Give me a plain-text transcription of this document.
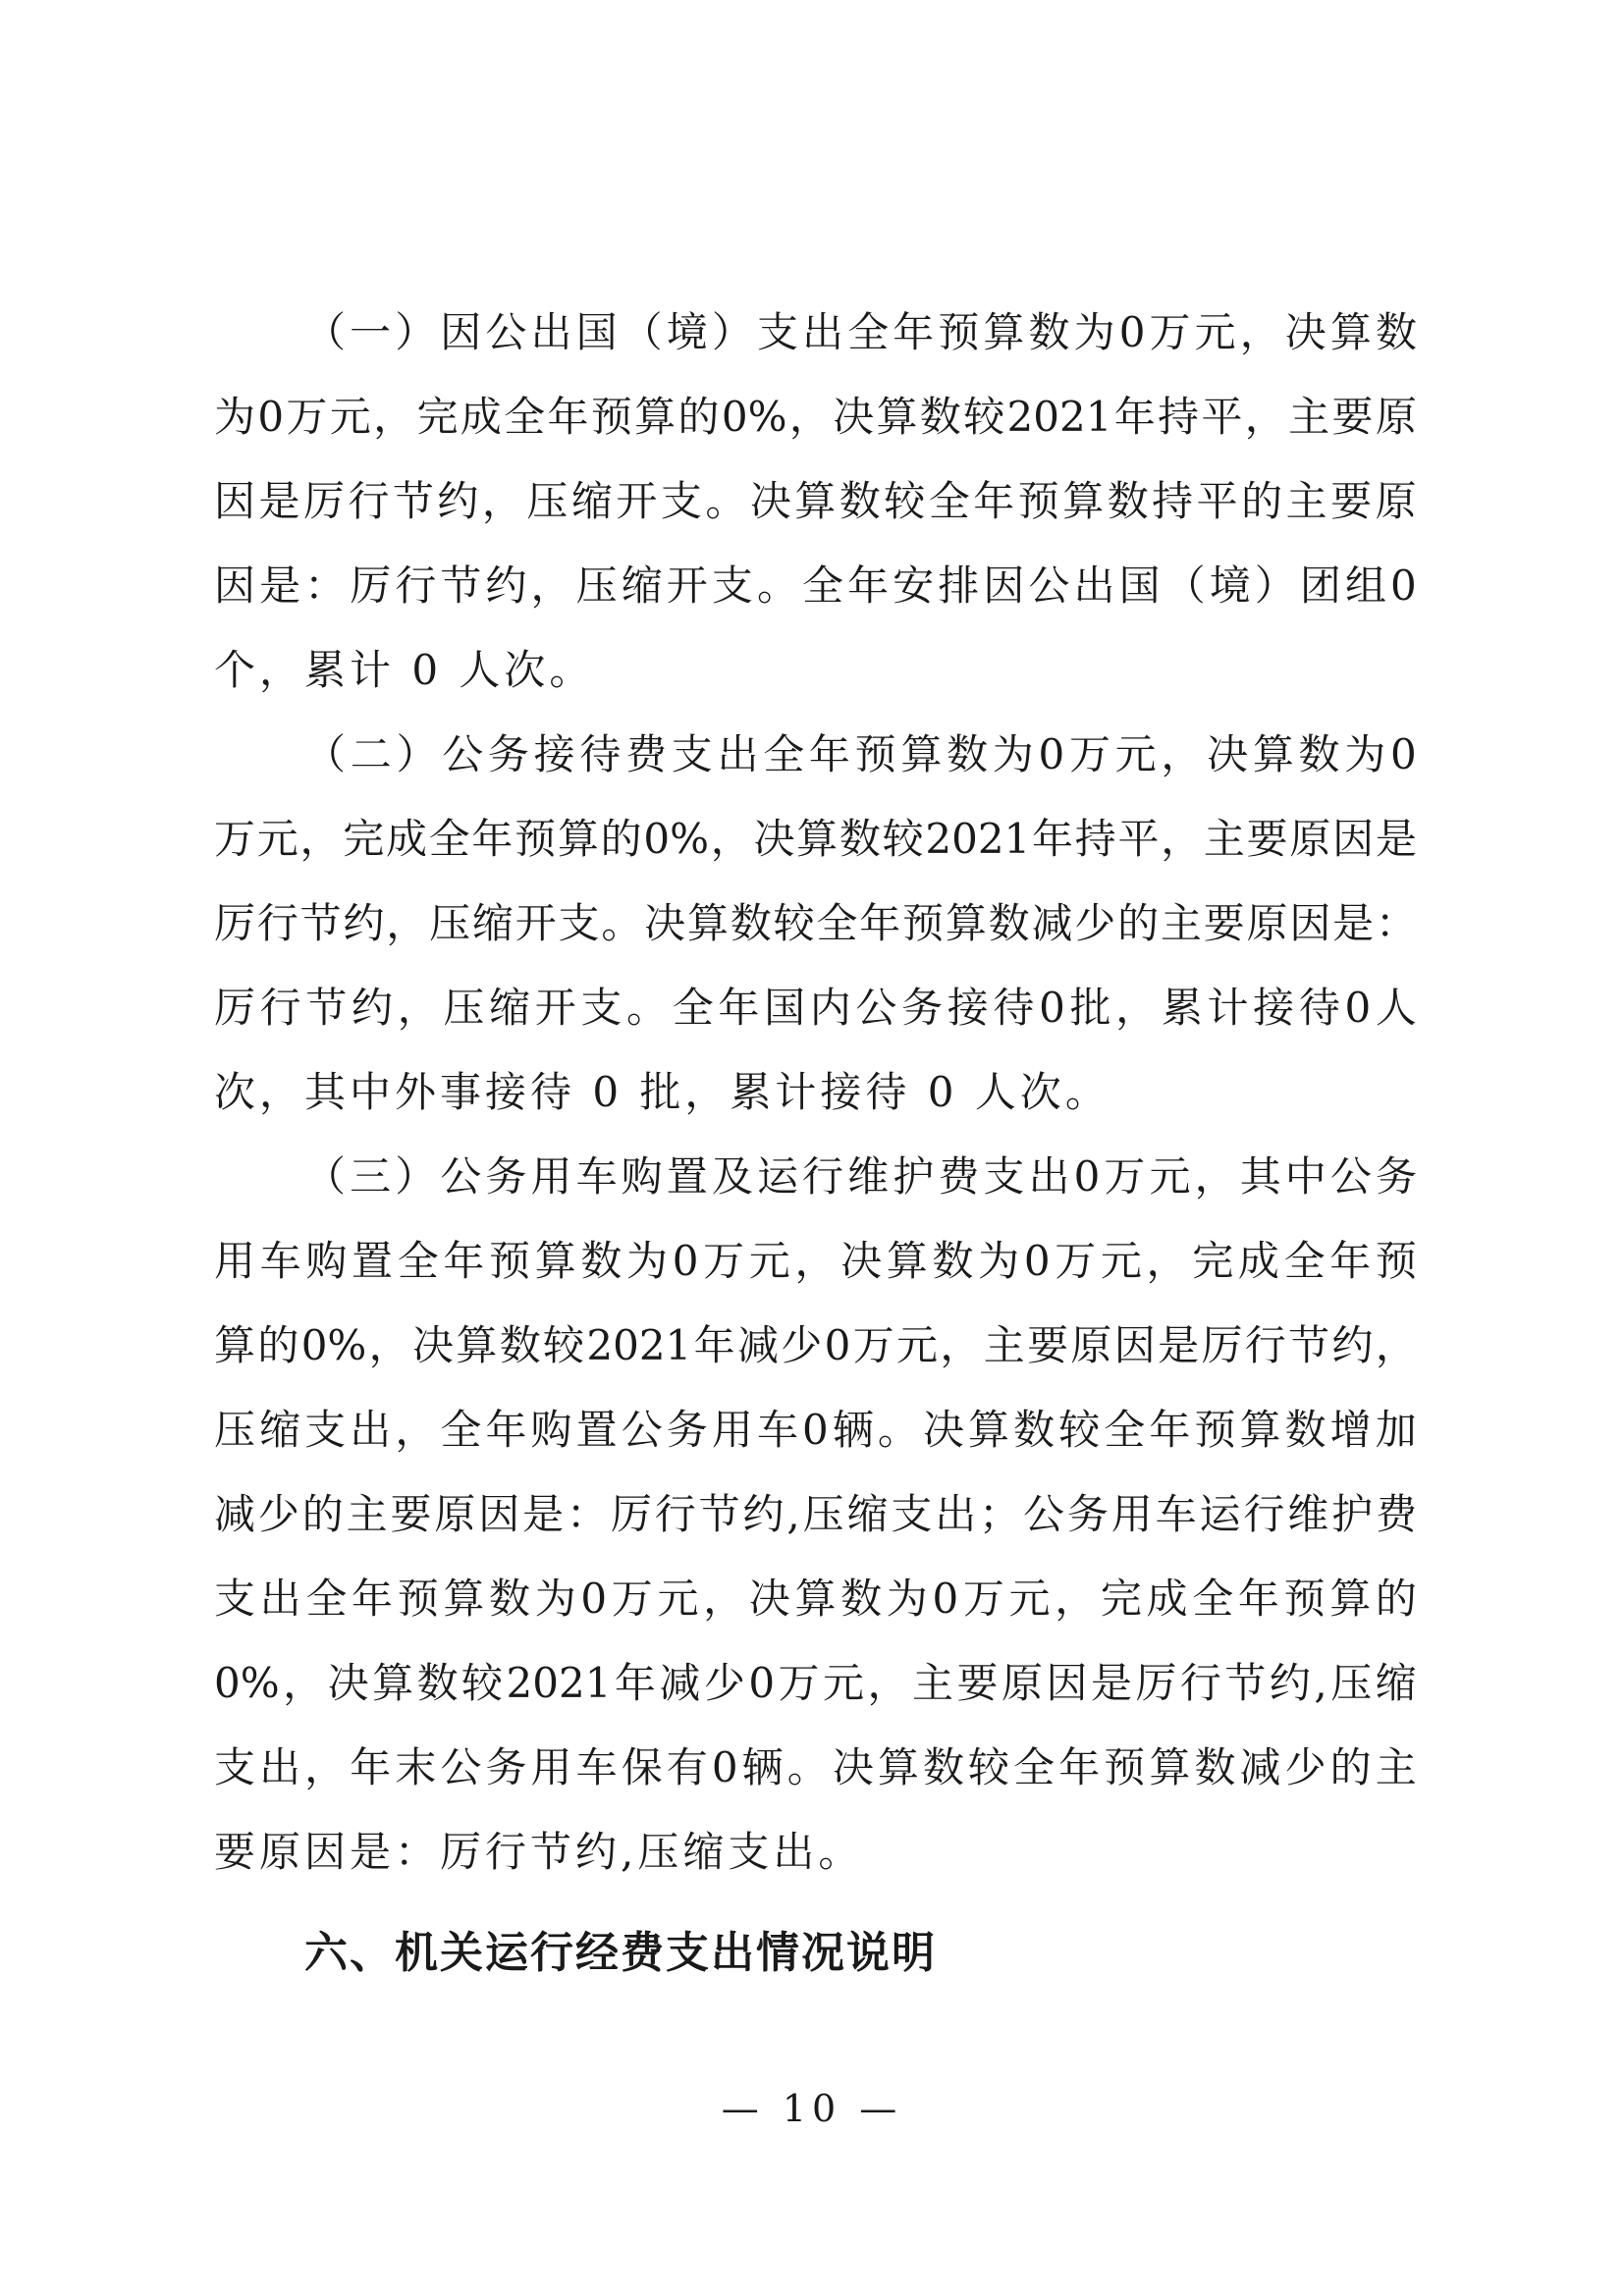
（ 一 ） 因 公 出 国 （ 境 ） 支 出 全 年 预 算 数 为 0 万 元 ， 决 算 数
为 0 万 元 ， 完 成 全 年 预 算 的 0% ， 决 算 数 较 2021 年 持 平 ， 主 要 原
因 是 厉 行 节 约 ， 压 缩 开 支 。 决 算 数 较 全 年 预 算 数 持 平 的 主 要 原
因 是 ： 厉 行 节 约 ， 压 缩 开 支 。 全 年 安 排 因 公 出 国 （ 境 ） 团 组 0
个，累计 0 人次。
（ 二 ） 公 务 接 待 费 支 出 全 年 预 算 数 为 0 万 元 ， 决 算 数 为 0
万 元 ， 完 成 全 年 预 算 的 0% ， 决 算 数 较 2021 年 持 平 ， 主 要 原 因 是
厉 行 节 约 ， 压 缩 开 支 。 决 算 数 较 全 年 预 算 数 减 少 的 主 要 原 因 是 ：
厉 行 节 约 ， 压 缩 开 支 。 全 年 国 内 公 务 接 待 0 批 ， 累 计 接 待 0 人
次，其中外事接待 0 批，累计接待 0 人次。
（ 三 ） 公 务 用 车 购 置 及 运 行 维 护 费 支 出 0 万 元 ， 其 中 公 务
用 车 购 置 全 年 预 算 数 为 0 万 元 ， 决 算 数 为 0 万 元 ， 完 成 全 年 预
算 的 0% ， 决 算 数 较 2021 年 减 少 0 万 元 ， 主 要 原 因 是 厉 行 节 约 ，
压 缩 支 出 ， 全 年 购 置 公 务 用 车 0 辆 。 决 算 数 较 全 年 预 算 数 增 加
减 少 的 主 要 原 因 是 ： 厉 行 节 约 , 压 缩 支 出 ； 公 务 用 车 运 行 维 护 费
支 出 全 年 预 算 数 为 0 万 元 ， 决 算 数 为 0 万 元 ， 完 成 全 年 预 算 的
0% ， 决 算 数 较 2021 年 减 少 0 万 元 ， 主 要 原 因 是 厉 行 节 约 , 压 缩
支 出 ， 年 末 公 务 用 车 保 有 0 辆 。 决 算 数 较 全 年 预 算 数 减 少 的 主
要原因是：厉行节约,压缩支出。
六、机关运行经费支出情况说明
— 10 —
